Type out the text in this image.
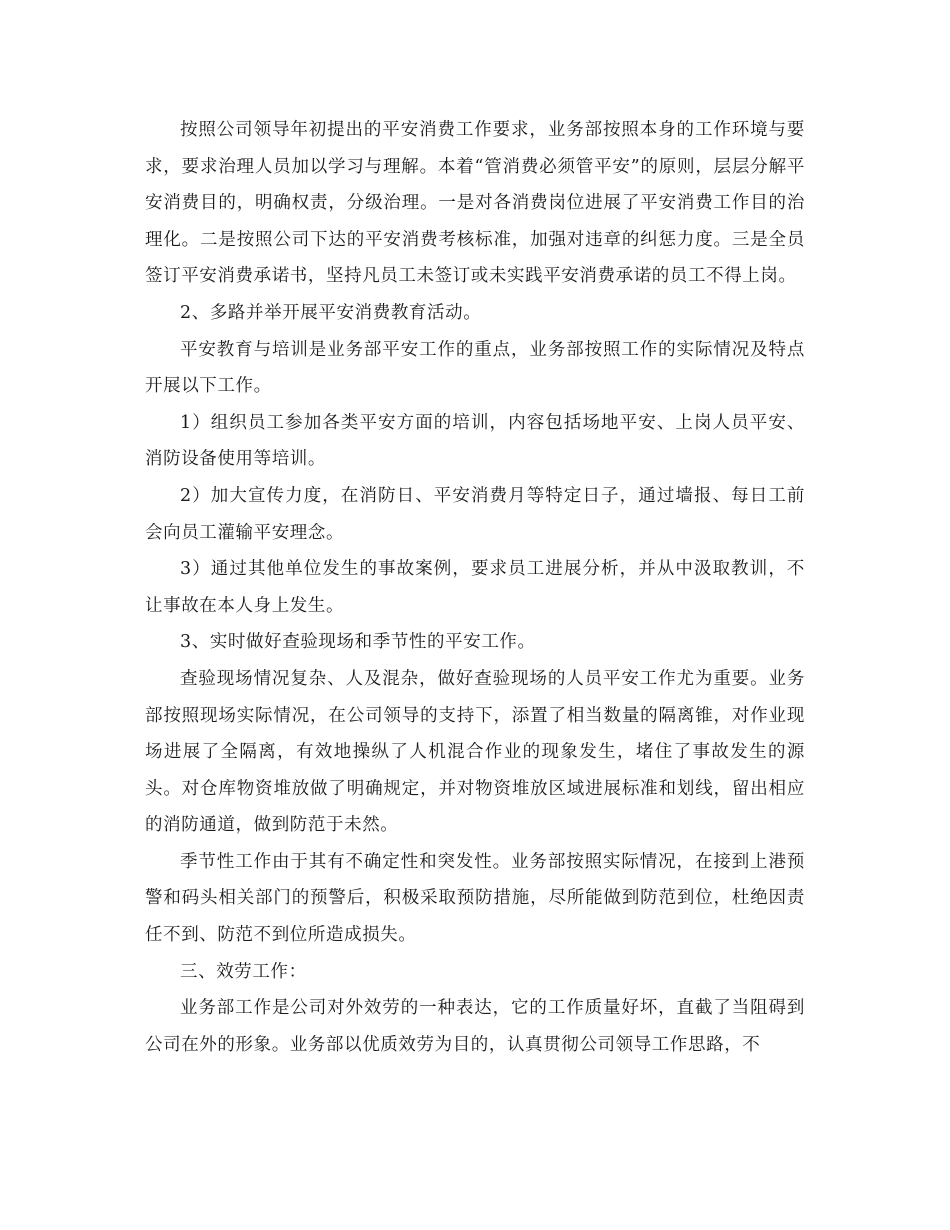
按照公司领导年初提出的平安消费工作要求，业务部按照本身的工作环境与要求，要求治理人员加以学习与理解。本着“管消费必须管平安”的原则，层层分解平安消费目的，明确权责，分级治理。一是对各消费岗位进展了平安消费工作目的治理化。二是按照公司下达的平安消费考核标准，加强对违章的纠惩力度。三是全员签订平安消费承诺书，坚持凡员工未签订或未实践平安消费承诺的员工不得上岗。

2、多路并举开展平安消费教育活动。

平安教育与培训是业务部平安工作的重点，业务部按照工作的实际情况及特点开展以下工作。

1）组织员工参加各类平安方面的培训，内容包括场地平安、上岗人员平安、消防设备使用等培训。

2）加大宣传力度，在消防日、平安消费月等特定日子，通过墙报、每日工前会向员工灌输平安理念。

3）通过其他单位发生的事故案例，要求员工进展分析，并从中汲取教训，不让事故在本人身上发生。

3、实时做好查验现场和季节性的平安工作。

查验现场情况复杂、人及混杂，做好查验现场的人员平安工作尤为重要。业务部按照现场实际情况，在公司领导的支持下，添置了相当数量的隔离锥，对作业现场进展了全隔离，有效地操纵了人机混合作业的现象发生，堵住了事故发生的源头。对仓库物资堆放做了明确规定，并对物资堆放区域进展标准和划线，留出相应的消防通道，做到防范于未然。

季节性工作由于其有不确定性和突发性。业务部按照实际情况，在接到上港预警和码头相关部门的预警后，积极采取预防措施，尽所能做到防范到位，杜绝因责任不到、防范不到位所造成损失。

三、效劳工作：

业务部工作是公司对外效劳的一种表达，它的工作质量好坏，直截了当阻碍到公司在外的形象。业务部以优质效劳为目的，认真贯彻公司领导工作思路，不
